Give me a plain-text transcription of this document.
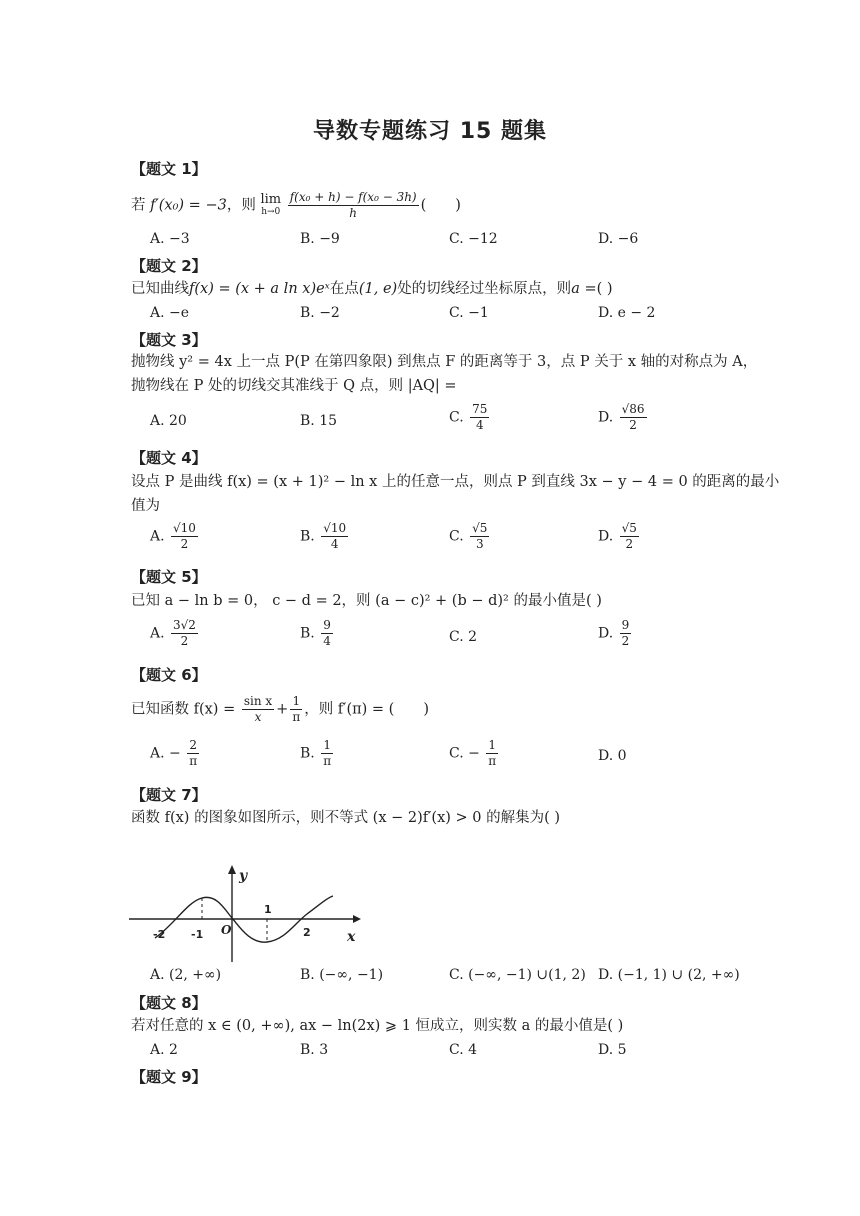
导数专题练习 15 题集
【题文 1】
若 f′(x₀) = −3，则 lim
h→0
$\frac{\text{f(x₀ + h) − f(x₀ − 3h)}}{h}$ (　　)
A. −3	B. −9	C. −12	D. −6
【题文 2】
已知曲线f(x) = (x + a ln x)eˣ在点(1, e)处的切线经过坐标原点，则a =( )
A. −e	B. −2	C. −1	D. e − 2
【题文 3】
抛物线 y² = 4x 上一点 P(P 在第四象限) 到焦点 F 的距离等于 3，点 P 关于 x 轴的对称点为 A，
抛物线在 P 处的切线交其准线于 Q 点，则 |AQ| =
A. 20	B. 15	C. $\frac{75}{4}$	D. $\frac{√86}{2}$
【题文 4】
设点 P 是曲线 f(x) = (x + 1)² − ln x 上的任意一点，则点 P 到直线 3x − y − 4 = 0 的距离的最小
值为
A. $\frac{√10}{2}$	B. $\frac{√10}{4}$	C. $\frac{√5}{3}$	D. $\frac{√5}{2}$
【题文 5】
已知 a − ln b = 0， c − d = 2，则 (a − c)² + (b − d)² 的最小值是( )
A. $\frac{3√2}{2}$	B. $\frac{9}{4}$	C. 2	D. $\frac{9}{2}$
【题文 6】
已知函数 $f(x) = \frac{\text{sin x}}{x} + \frac{1}{\pi}$ ，则 f′(π) = (　　)
A. − $\frac{2}{\pi}$	B. $\frac{1}{\pi}$	C. − $\frac{1}{\pi}$	D. 0
【题文 7】
函数 f(x) 的图象如图所示，则不等式 (x − 2)f′(x) > 0 的解集为( )
y
x
O
-2 -1
1
2
A. (2, +∞)	B. (−∞, −1)	C. (−∞, −1) ∪(1, 2) D. (−1, 1) ∪ (2, +∞)
【题文 8】
若对任意的 x ∈ (0, +∞), ax − ln(2x) ⩾ 1 恒成立，则实数 a 的最小值是( )
A. 2	B. 3	C. 4	D. 5
【题文 9】
